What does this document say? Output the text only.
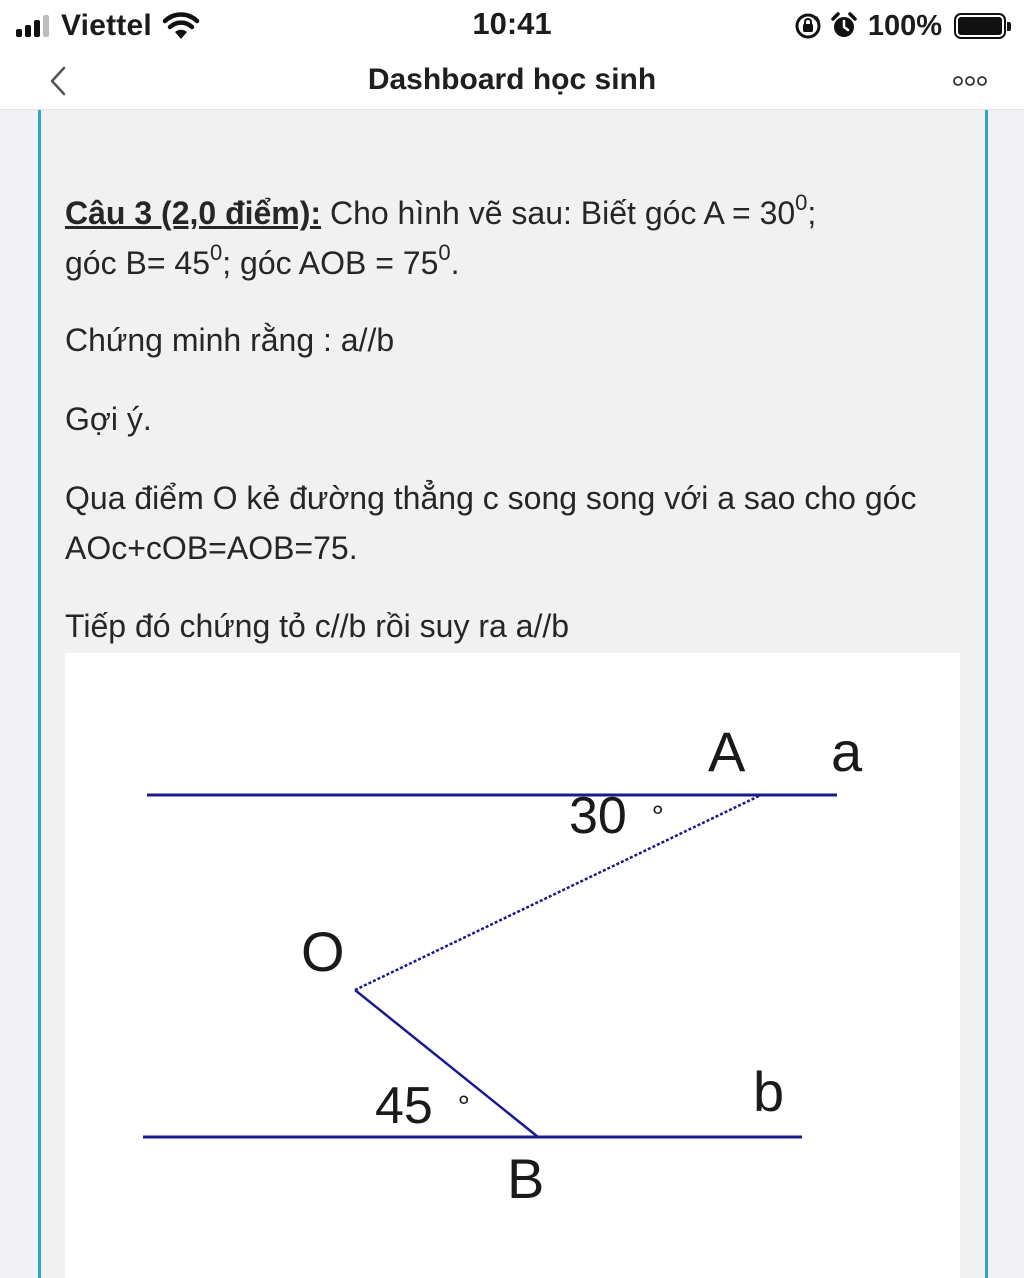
Viettel	10:41	100%
Dashboard học sinh
Câu 3 (2,0 điểm): Cho hình vẽ sau: Biết góc $A = 30^0$;
góc $B= 45^0$; góc AOB = $75^0$.
Chứng minh rằng : a//b
Gợi ý.
Qua điểm O kẻ đường thẳng c song song với a sao cho góc AOc+cOB=AOB=75.
Tiếp đó chứng tỏ c//b rồi suy ra a//b
A a
30 ∘
O
45 ∘	b
B
